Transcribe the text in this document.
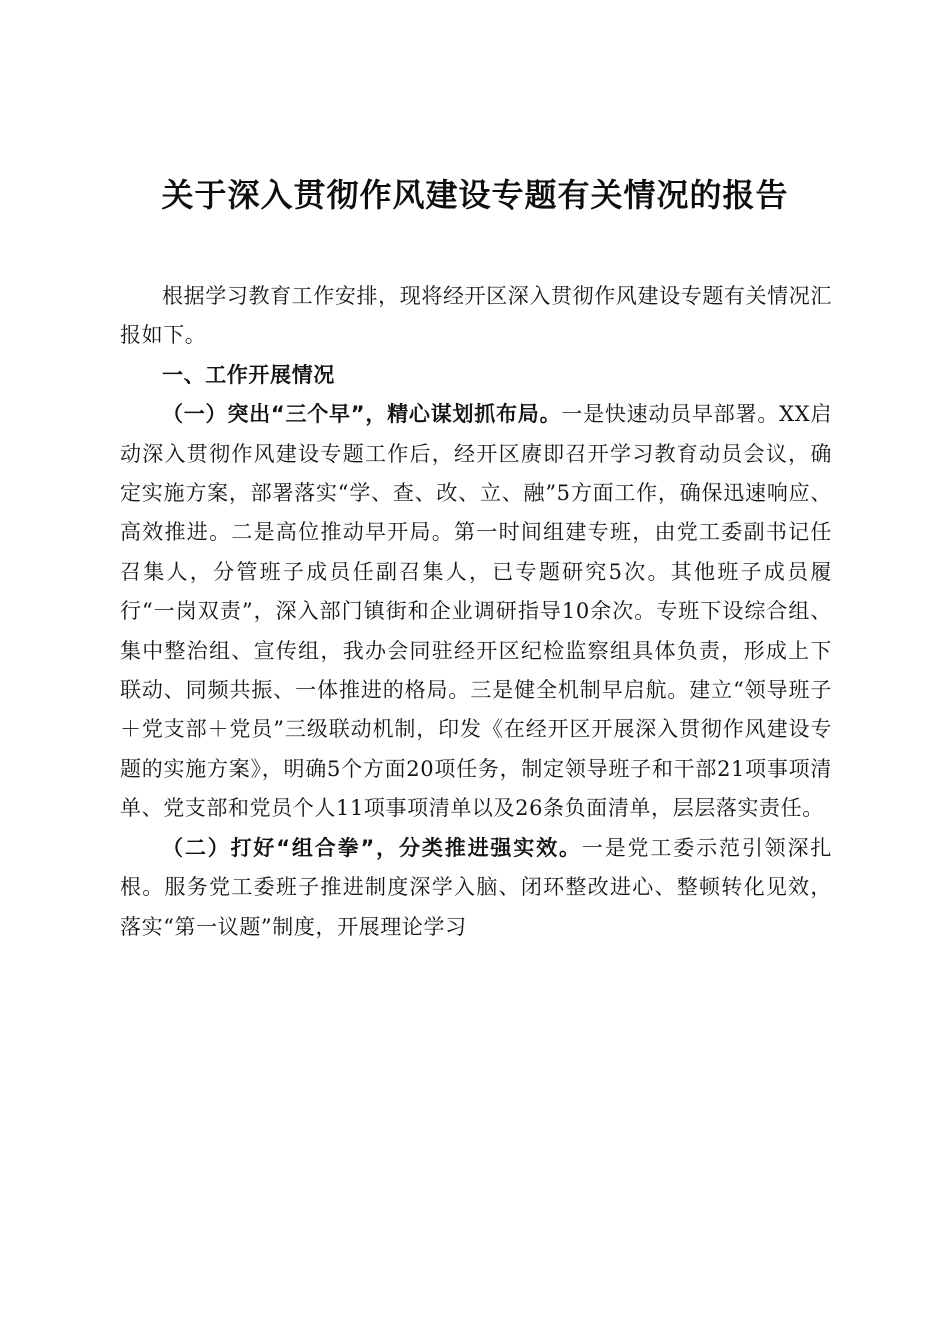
关于深入贯彻作风建设专题有关情况的报告

根据学习教育工作安排，现将经开区深入贯彻作风建设专题有关情况汇报如下。

一、工作开展情况

（一）突出“三个早”，精心谋划抓布局。一是快速动员早部署。XX启动深入贯彻作风建设专题工作后，经开区赓即召开学习教育动员会议，确定实施方案，部署落实“学、查、改、立、融”5方面工作，确保迅速响应、高效推进。二是高位推动早开局。第一时间组建专班，由党工委副书记任召集人，分管班子成员任副召集人，已专题研究5次。其他班子成员履行“一岗双责”，深入部门镇街和企业调研指导10余次。专班下设综合组、集中整治组、宣传组，我办会同驻经开区纪检监察组具体负责，形成上下联动、同频共振、一体推进的格局。三是健全机制早启航。建立“领导班子＋党支部＋党员”三级联动机制，印发《在经开区开展深入贯彻作风建设专题的实施方案》，明确5个方面20项任务，制定领导班子和干部21项事项清单、党支部和党员个人11项事项清单以及26条负面清单，层层落实责任。

（二）打好“组合拳”，分类推进强实效。一是党工委示范引领深扎根。服务党工委班子推进制度深学入脑、闭环整改进心、整顿转化见效，落实“第一议题”制度，开展理论学习
